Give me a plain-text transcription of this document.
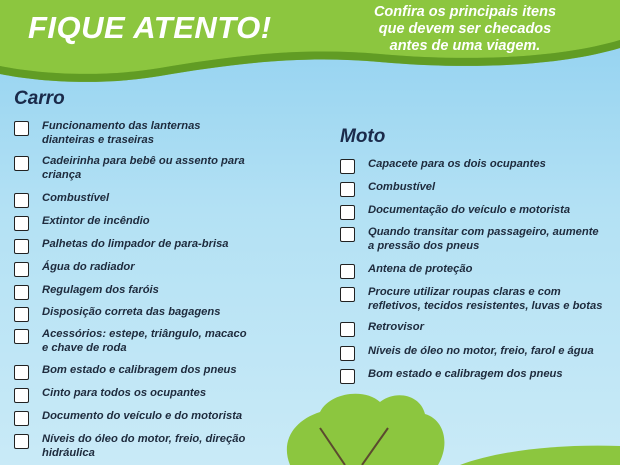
FIQUE ATENTO!	Confira os principais itens
que devem ser checados
antes de uma viagem.
Carro
Funcionamento das lanternas
dianteiras e traseiras
Cadeirinha para bebê ou assento para
criança
Combustível
Extintor de incêndio
Palhetas do limpador de para-brisa
Água do radiador
Regulagem dos faróis
Disposição correta das bagagens
Acessórios: estepe, triângulo, macaco
e chave de roda
Bom estado e calibragem dos pneus
Cinto para todos os ocupantes
Documento do veículo e do motorista
Níveis do óleo do motor, freio, direção
hidráulica
Moto
Capacete para os dois ocupantes
Combustível
Documentação do veículo e motorista
Quando transitar com passageiro, aumente
a pressão dos pneus
Antena de proteção
Procure utilizar roupas claras e com
refletivos, tecidos resistentes, luvas e botas
Retrovisor
Níveis de óleo no motor, freio, farol e água
Bom estado e calibragem dos pneus
